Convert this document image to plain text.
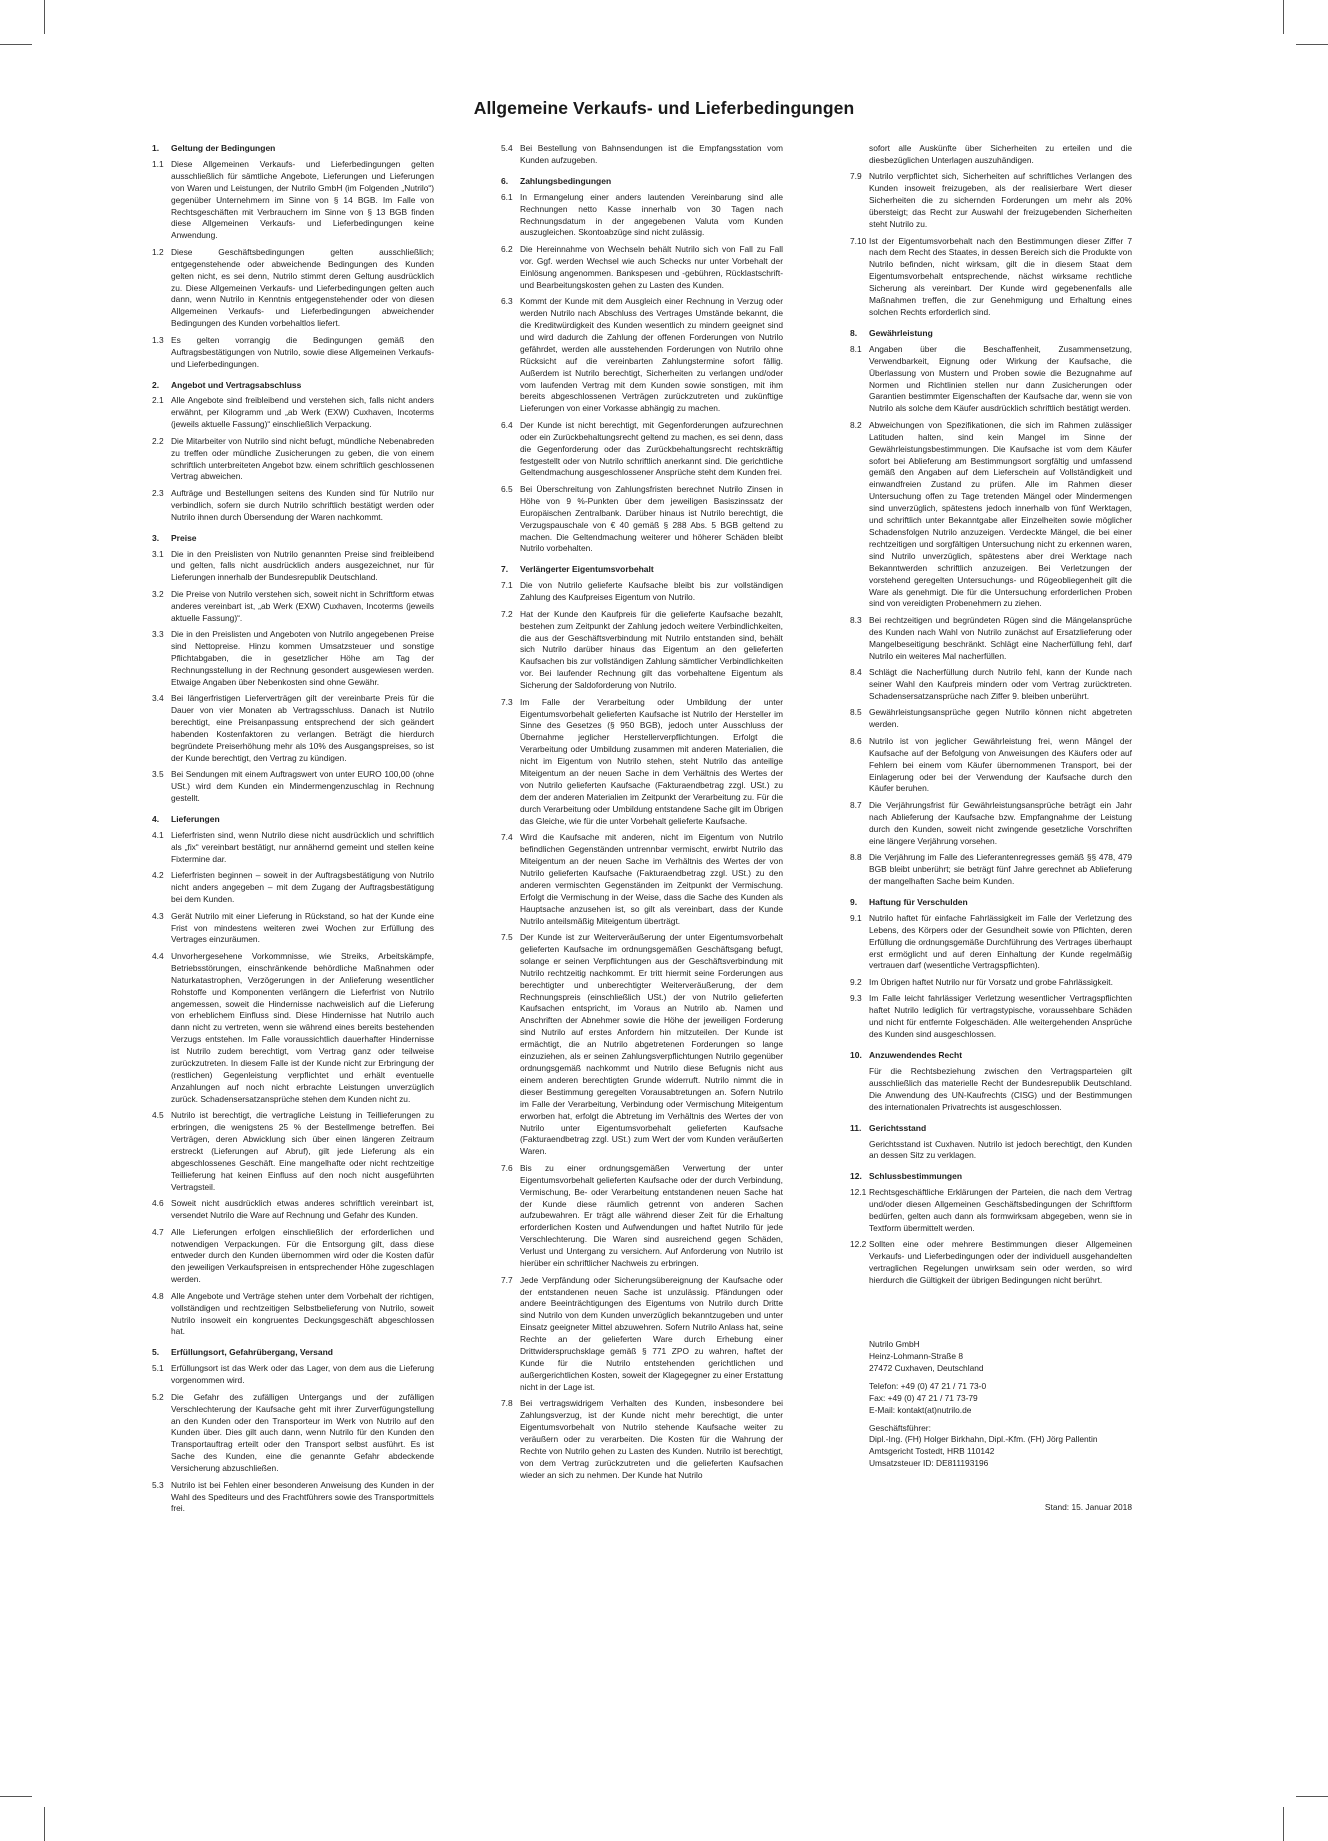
Allgemeine Verkaufs- und Lieferbedingungen
1.	Geltung der Bedingungen
1.1 Diese Allgemeinen Verkaufs- und Lieferbedingungen gelten ausschließlich für sämtliche Angebote, Lieferungen und Lieferungen von Waren und Leistungen, der Nutrilo GmbH (im Folgenden „Nutrilo“) gegenüber Unternehmern im Sinne von § 14 BGB. Im Falle von Rechtsgeschäften mit Verbrauchern im Sinne von § 13 BGB finden diese Allgemeinen Verkaufs- und Lieferbedingungen keine Anwendung.
1.2 Diese Geschäftsbedingungen gelten ausschließlich; entgegenstehende oder abweichende Bedingungen des Kunden gelten nicht, es sei denn, Nutrilo stimmt deren Geltung ausdrücklich zu. Diese Allgemeinen Verkaufs- und Lieferbedingungen gelten auch dann, wenn Nutrilo in Kenntnis entgegenstehender oder von diesen Allgemeinen Verkaufs- und Lieferbedingungen abweichender Bedingungen des Kunden vorbehaltlos liefert.
1.3 Es gelten vorrangig die Bedingungen gemäß den Auftragsbestätigungen von Nutrilo, sowie diese Allgemeinen Verkaufs- und Lieferbedingungen.
2.	Angebot und Vertragsabschluss
2.1 Alle Angebote sind freibleibend und verstehen sich, falls nicht anders erwähnt, per Kilogramm und „ab Werk (EXW) Cuxhaven, Incoterms (jeweils aktuelle Fassung)“ einschließlich Verpackung.
2.2 Die Mitarbeiter von Nutrilo sind nicht befugt, mündliche Nebenabreden zu treffen oder mündliche Zusicherungen zu geben, die von einem schriftlich unterbreiteten Angebot bzw. einem schriftlich geschlossenen Vertrag abweichen.
2.3 Aufträge und Bestellungen seitens des Kunden sind für Nutrilo nur verbindlich, sofern sie durch Nutrilo schriftlich bestätigt werden oder Nutrilo ihnen durch Übersendung der Waren nachkommt.
3.	Preise
3.1 Die in den Preislisten von Nutrilo genannten Preise sind freibleibend und gelten, falls nicht ausdrücklich anders ausgezeichnet, nur für Lieferungen innerhalb der Bundesrepublik Deutschland.
3.2 Die Preise von Nutrilo verstehen sich, soweit nicht in Schriftform etwas anderes vereinbart ist, „ab Werk (EXW) Cuxhaven, Incoterms (jeweils aktuelle Fassung)“.
3.3 Die in den Preislisten und Angeboten von Nutrilo angegebenen Preise sind Nettopreise. Hinzu kommen Umsatzsteuer und sonstige Pflichtabgaben, die in gesetzlicher Höhe am Tag der Rechnungsstellung in der Rechnung gesondert ausgewiesen werden. Etwaige Angaben über Nebenkosten sind ohne Gewähr.
3.4 Bei längerfristigen Lieferverträgen gilt der vereinbarte Preis für die Dauer von vier Monaten ab Vertragsschluss. Danach ist Nutrilo berechtigt, eine Preisanpassung entsprechend der sich geändert habenden Kostenfaktoren zu verlangen. Beträgt die hierdurch begründete Preiserhöhung mehr als 10% des Ausgangspreises, so ist der Kunde berechtigt, den Vertrag zu kündigen.
3.5 Bei Sendungen mit einem Auftragswert von unter EURO 100,00 (ohne USt.) wird dem Kunden ein Mindermengenzuschlag in Rechnung gestellt.
4.	Lieferungen
4.1 Lieferfristen sind, wenn Nutrilo diese nicht ausdrücklich und schriftlich als „fix“ vereinbart bestätigt, nur annähernd gemeint und stellen keine Fixtermine dar.
4.2 Lieferfristen beginnen – soweit in der Auftragsbestätigung von Nutrilo nicht anders angegeben – mit dem Zugang der Auftragsbestätigung bei dem Kunden.
4.3 Gerät Nutrilo mit einer Lieferung in Rückstand, so hat der Kunde eine Frist von mindestens weiteren zwei Wochen zur Erfüllung des Vertrages einzuräumen.
4.4 Unvorhergesehene Vorkommnisse, wie Streiks, Arbeitskämpfe, Betriebsstörungen, einschränkende behördliche Maßnahmen oder Naturkatastrophen, Verzögerungen in der Anlieferung wesentlicher Rohstoffe und Komponenten verlängern die Lieferfrist von Nutrilo angemessen, soweit die Hindernisse nachweislich auf die Lieferung von erheblichem Einfluss sind. Diese Hindernisse hat Nutrilo auch dann nicht zu vertreten, wenn sie während eines bereits bestehenden Verzugs entstehen. Im Falle voraussichtlich dauerhafter Hindernisse ist Nutrilo zudem berechtigt, vom Vertrag ganz oder teilweise zurückzutreten. In diesem Falle ist der Kunde nicht zur Erbringung der (restlichen) Gegenleistung verpflichtet und erhält eventuelle Anzahlungen auf noch nicht erbrachte Leistungen unverzüglich zurück. Schadensersatzansprüche stehen dem Kunden nicht zu.
4.5 Nutrilo ist berechtigt, die vertragliche Leistung in Teillieferungen zu erbringen, die wenigstens 25 % der Bestellmenge betreffen. Bei Verträgen, deren Abwicklung sich über einen längeren Zeitraum erstreckt (Lieferungen auf Abruf), gilt jede Lieferung als ein abgeschlossenes Geschäft. Eine mangelhafte oder nicht rechtzeitige Teillieferung hat keinen Einfluss auf den noch nicht ausgeführten Vertragsteil.
4.6 Soweit nicht ausdrücklich etwas anderes schriftlich vereinbart ist, versendet Nutrilo die Ware auf Rechnung und Gefahr des Kunden.
4.7 Alle Lieferungen erfolgen einschließlich der erforderlichen und notwendigen Verpackungen. Für die Entsorgung gilt, dass diese entweder durch den Kunden übernommen wird oder die Kosten dafür den jeweiligen Verkaufspreisen in entsprechender Höhe zugeschlagen werden.
4.8 Alle Angebote und Verträge stehen unter dem Vorbehalt der richtigen, vollständigen und rechtzeitigen Selbstbelieferung von Nutrilo, soweit Nutrilo insoweit ein kongruentes Deckungsgeschäft abgeschlossen hat.
5.	Erfüllungsort, Gefahrübergang, Versand
5.1 Erfüllungsort ist das Werk oder das Lager, von dem aus die Lieferung vorgenommen wird.
5.2 Die Gefahr des zufälligen Untergangs und der zufälligen Verschlechterung der Kaufsache geht mit ihrer Zurverfügungstellung an den Kunden oder den Transporteur im Werk von Nutrilo auf den Kunden über. Dies gilt auch dann, wenn Nutrilo für den Kunden den Transportauftrag erteilt oder den Transport selbst ausführt. Es ist Sache des Kunden, eine die genannte Gefahr abdeckende Versicherung abzuschließen.
5.3 Nutrilo ist bei Fehlen einer besonderen Anweisung des Kunden in der Wahl des Spediteurs und des Frachtführers sowie des Transportmittels frei.
5.4 Bei Bestellung von Bahnsendungen ist die Empfangsstation vom Kunden aufzugeben.
6.	Zahlungsbedingungen
6.1 In Ermangelung einer anders lautenden Vereinbarung sind alle Rechnungen netto Kasse innerhalb von 30 Tagen nach Rechnungsdatum in der angegebenen Valuta vom Kunden auszugleichen. Skontoabzüge sind nicht zulässig.
6.2 Die Hereinnahme von Wechseln behält Nutrilo sich von Fall zu Fall vor. Ggf. werden Wechsel wie auch Schecks nur unter Vorbehalt der Einlösung angenommen. Bankspesen und -gebühren, Rücklastschrift- und Bearbeitungskosten gehen zu Lasten des Kunden.
6.3 Kommt der Kunde mit dem Ausgleich einer Rechnung in Verzug oder werden Nutrilo nach Abschluss des Vertrages Umstände bekannt, die die Kreditwürdigkeit des Kunden wesentlich zu mindern geeignet sind und wird dadurch die Zahlung der offenen Forderungen von Nutrilo gefährdet, werden alle ausstehenden Forderungen von Nutrilo ohne Rücksicht auf die vereinbarten Zahlungstermine sofort fällig. Außerdem ist Nutrilo berechtigt, Sicherheiten zu verlangen und/oder vom laufenden Vertrag mit dem Kunden sowie sonstigen, mit ihm bereits abgeschlossenen Verträgen zurückzutreten und zukünftige Lieferungen von einer Vorkasse abhängig zu machen.
6.4 Der Kunde ist nicht berechtigt, mit Gegenforderungen aufzurechnen oder ein Zurückbehaltungsrecht geltend zu machen, es sei denn, dass die Gegenforderung oder das Zurückbehaltungsrecht rechtskräftig festgestellt oder von Nutrilo schriftlich anerkannt sind. Die gerichtliche Geltendmachung ausgeschlossener Ansprüche steht dem Kunden frei.
6.5 Bei Überschreitung von Zahlungsfristen berechnet Nutrilo Zinsen in Höhe von 9 %-Punkten über dem jeweiligen Basiszinssatz der Europäischen Zentralbank. Darüber hinaus ist Nutrilo berechtigt, die Verzugspauschale von € 40 gemäß § 288 Abs. 5 BGB geltend zu machen. Die Geltendmachung weiterer und höherer Schäden bleibt Nutrilo vorbehalten.
7.	Verlängerter Eigentumsvorbehalt
7.1 Die von Nutrilo gelieferte Kaufsache bleibt bis zur vollständigen Zahlung des Kaufpreises Eigentum von Nutrilo.
7.2 Hat der Kunde den Kaufpreis für die gelieferte Kaufsache bezahlt, bestehen zum Zeitpunkt der Zahlung jedoch weitere Verbindlichkeiten, die aus der Geschäftsverbindung mit Nutrilo entstanden sind, behält sich Nutrilo darüber hinaus das Eigentum an den gelieferten Kaufsachen bis zur vollständigen Zahlung sämtlicher Verbindlichkeiten vor. Bei laufender Rechnung gilt das vorbehaltene Eigentum als Sicherung der Saldoforderung von Nutrilo.
7.3 Im Falle der Verarbeitung oder Umbildung der unter Eigentumsvorbehalt gelieferten Kaufsache ist Nutrilo der Hersteller im Sinne des Gesetzes (§ 950 BGB), jedoch unter Ausschluss der Übernahme jeglicher Herstellerverpflichtungen. Erfolgt die Verarbeitung oder Umbildung zusammen mit anderen Materialien, die nicht im Eigentum von Nutrilo stehen, steht Nutrilo das anteilige Miteigentum an der neuen Sache in dem Verhältnis des Wertes der von Nutrilo gelieferten Kaufsache (Fakturaendbetrag zzgl. USt.) zu dem der anderen Materialien im Zeitpunkt der Verarbeitung zu. Für die durch Verarbeitung oder Umbildung entstandene Sache gilt im Übrigen das Gleiche, wie für die unter Vorbehalt gelieferte Kaufsache.
7.4 Wird die Kaufsache mit anderen, nicht im Eigentum von Nutrilo befindlichen Gegenständen untrennbar vermischt, erwirbt Nutrilo das Miteigentum an der neuen Sache im Verhältnis des Wertes der von Nutrilo gelieferten Kaufsache (Fakturaendbetrag zzgl. USt.) zu den anderen vermischten Gegenständen im Zeitpunkt der Vermischung. Erfolgt die Vermischung in der Weise, dass die Sache des Kunden als Hauptsache anzusehen ist, so gilt als vereinbart, dass der Kunde Nutrilo anteilsmäßig Miteigentum überträgt.
7.5 Der Kunde ist zur Weiterveräußerung der unter Eigentumsvorbehalt gelieferten Kaufsache im ordnungsgemäßen Geschäftsgang befugt, solange er seinen Verpflichtungen aus der Geschäftsverbindung mit Nutrilo rechtzeitig nachkommt. Er tritt hiermit seine Forderungen aus berechtigter und unberechtigter Weiterveräußerung, der dem Rechnungspreis (einschließlich USt.) der von Nutrilo gelieferten Kaufsachen entspricht, im Voraus an Nutrilo ab. Namen und Anschriften der Abnehmer sowie die Höhe der jeweiligen Forderung sind Nutrilo auf erstes Anfordern hin mitzuteilen. Der Kunde ist ermächtigt, die an Nutrilo abgetretenen Forderungen so lange einzuziehen, als er seinen Zahlungsverpflichtungen Nutrilo gegenüber ordnungsgemäß nachkommt und Nutrilo diese Befugnis nicht aus einem anderen berechtigten Grunde widerruft. Nutrilo nimmt die in dieser Bestimmung geregelten Vorausabtretungen an. Sofern Nutrilo im Falle der Verarbeitung, Verbindung oder Vermischung Miteigentum erworben hat, erfolgt die Abtretung im Verhältnis des Wertes der von Nutrilo unter Eigentumsvorbehalt gelieferten Kaufsache (Fakturaendbetrag zzgl. USt.) zum Wert der vom Kunden veräußerten Waren.
7.6 Bis zu einer ordnungsgemäßen Verwertung der unter Eigentumsvorbehalt gelieferten Kaufsache oder der durch Verbindung, Vermischung, Be- oder Verarbeitung entstandenen neuen Sache hat der Kunde diese räumlich getrennt von anderen Sachen aufzubewahren. Er trägt alle während dieser Zeit für die Erhaltung erforderlichen Kosten und Aufwendungen und haftet Nutrilo für jede Verschlechterung. Die Waren sind ausreichend gegen Schäden, Verlust und Untergang zu versichern. Auf Anforderung von Nutrilo ist hierüber ein schriftlicher Nachweis zu erbringen.
7.7 Jede Verpfändung oder Sicherungsübereignung der Kaufsache oder der entstandenen neuen Sache ist unzulässig. Pfändungen oder andere Beeinträchtigungen des Eigentums von Nutrilo durch Dritte sind Nutrilo von dem Kunden unverzüglich bekanntzugeben und unter Einsatz geeigneter Mittel abzuwehren. Sofern Nutrilo Anlass hat, seine Rechte an der gelieferten Ware durch Erhebung einer Drittwiderspruchsklage gemäß § 771 ZPO zu wahren, haftet der Kunde für die Nutrilo entstehenden gerichtlichen und außergerichtlichen Kosten, soweit der Klagegegner zu einer Erstattung nicht in der Lage ist.
7.8 Bei vertragswidrigem Verhalten des Kunden, insbesondere bei Zahlungsverzug, ist der Kunde nicht mehr berechtigt, die unter Eigentumsvorbehalt von Nutrilo stehende Kaufsache weiter zu veräußern oder zu verarbeiten. Die Kosten für die Wahrung der Rechte von Nutrilo gehen zu Lasten des Kunden. Nutrilo ist berechtigt, von dem Vertrag zurückzutreten und die gelieferten Kaufsachen wieder an sich zu nehmen. Der Kunde hat Nutrilo
sofort alle Auskünfte über Sicherheiten zu erteilen und die diesbezüglichen Unterlagen auszuhändigen.
7.9 Nutrilo verpflichtet sich, Sicherheiten auf schriftliches Verlangen des Kunden insoweit freizugeben, als der realisierbare Wert dieser Sicherheiten die zu sichernden Forderungen um mehr als 20% übersteigt; das Recht zur Auswahl der freizugebenden Sicherheiten steht Nutrilo zu.
7.10 Ist der Eigentumsvorbehalt nach den Bestimmungen dieser Ziffer 7 nach dem Recht des Staates, in dessen Bereich sich die Produkte von Nutrilo befinden, nicht wirksam, gilt die in diesem Staat dem Eigentumsvorbehalt entsprechende, nächst wirksame rechtliche Sicherung als vereinbart. Der Kunde wird gegebenenfalls alle Maßnahmen treffen, die zur Genehmigung und Erhaltung eines solchen Rechts erforderlich sind.
8.	Gewährleistung
8.1 Angaben über die Beschaffenheit, Zusammensetzung, Verwendbarkeit, Eignung oder Wirkung der Kaufsache, die Überlassung von Mustern und Proben sowie die Bezugnahme auf Normen und Richtlinien stellen nur dann Zusicherungen oder Garantien bestimmter Eigenschaften der Kaufsache dar, wenn sie von Nutrilo als solche dem Käufer ausdrücklich schriftlich bestätigt werden.
8.2 Abweichungen von Spezifikationen, die sich im Rahmen zulässiger Latituden halten, sind kein Mangel im Sinne der Gewährleistungsbestimmungen. Die Kaufsache ist vom dem Käufer sofort bei Ablieferung am Bestimmungsort sorgfältig und umfassend gemäß den Angaben auf dem Lieferschein auf Vollständigkeit und einwandfreien Zustand zu prüfen. Alle im Rahmen dieser Untersuchung offen zu Tage tretenden Mängel oder Mindermengen sind unverzüglich, spätestens jedoch innerhalb von fünf Werktagen, und schriftlich unter Bekanntgabe aller Einzelheiten sowie möglicher Schadensfolgen Nutrilo anzuzeigen. Verdeckte Mängel, die bei einer rechtzeitigen und sorgfältigen Untersuchung nicht zu erkennen waren, sind Nutrilo unverzüglich, spätestens aber drei Werktage nach Bekanntwerden schriftlich anzuzeigen. Bei Verletzungen der vorstehend geregelten Untersuchungs- und Rügeobliegenheit gilt die Ware als genehmigt. Die für die Untersuchung erforderlichen Proben sind von vereidigten Probenehmern zu ziehen.
8.3 Bei rechtzeitigen und begründeten Rügen sind die Mängelansprüche des Kunden nach Wahl von Nutrilo zunächst auf Ersatzlieferung oder Mangelbeseitigung beschränkt. Schlägt eine Nacherfüllung fehl, darf Nutrilo ein weiteres Mal nacherfüllen.
8.4 Schlägt die Nacherfüllung durch Nutrilo fehl, kann der Kunde nach seiner Wahl den Kaufpreis mindern oder vom Vertrag zurücktreten. Schadensersatzansprüche nach Ziffer 9. bleiben unberührt.
8.5 Gewährleistungsansprüche gegen Nutrilo können nicht abgetreten werden.
8.6 Nutrilo ist von jeglicher Gewährleistung frei, wenn Mängel der Kaufsache auf der Befolgung von Anweisungen des Käufers oder auf Fehlern bei einem vom Käufer übernommenen Transport, bei der Einlagerung oder bei der Verwendung der Kaufsache durch den Käufer beruhen.
8.7 Die Verjährungsfrist für Gewährleistungsansprüche beträgt ein Jahr nach Ablieferung der Kaufsache bzw. Empfangnahme der Leistung durch den Kunden, soweit nicht zwingende gesetzliche Vorschriften eine längere Verjährung vorsehen.
8.8 Die Verjährung im Falle des Lieferantenregresses gemäß §§ 478, 479 BGB bleibt unberührt; sie beträgt fünf Jahre gerechnet ab Ablieferung der mangelhaften Sache beim Kunden.
9.	Haftung für Verschulden
9.1 Nutrilo haftet für einfache Fahrlässigkeit im Falle der Verletzung des Lebens, des Körpers oder der Gesundheit sowie von Pflichten, deren Erfüllung die ordnungsgemäße Durchführung des Vertrages überhaupt erst ermöglicht und auf deren Einhaltung der Kunde regelmäßig vertrauen darf (wesentliche Vertragspflichten).
9.2 Im Übrigen haftet Nutrilo nur für Vorsatz und grobe Fahrlässigkeit.
9.3 Im Falle leicht fahrlässiger Verletzung wesentlicher Vertragspflichten haftet Nutrilo lediglich für vertragstypische, voraussehbare Schäden und nicht für entfernte Folgeschäden. Alle weitergehenden Ansprüche des Kunden sind ausgeschlossen.
10. Anzuwendendes Recht
Für die Rechtsbeziehung zwischen den Vertragsparteien gilt ausschließlich das materielle Recht der Bundesrepublik Deutschland. Die Anwendung des UN-Kaufrechts (CISG) und der Bestimmungen des internationalen Privatrechts ist ausgeschlossen.
11. Gerichtsstand
Gerichtsstand ist Cuxhaven. Nutrilo ist jedoch berechtigt, den Kunden an dessen Sitz zu verklagen.
12. Schlussbestimmungen
12.1 Rechtsgeschäftliche Erklärungen der Parteien, die nach dem Vertrag und/oder diesen Allgemeinen Geschäftsbedingungen der Schriftform bedürfen, gelten auch dann als formwirksam abgegeben, wenn sie in Textform übermittelt werden.
12.2 Sollten eine oder mehrere Bestimmungen dieser Allgemeinen Verkaufs- und Lieferbedingungen oder der individuell ausgehandelten vertraglichen Regelungen unwirksam sein oder werden, so wird hierdurch die Gültigkeit der übrigen Bedingungen nicht berührt.
Nutrilo GmbH
Heinz-Lohmann-Straße 8
27472 Cuxhaven, Deutschland
Telefon: +49 (0) 47 21 / 71 73-0
Fax: +49 (0) 47 21 / 71 73-79
E-Mail: kontakt(at)nutrilo.de
Geschäftsführer:
Dipl.-Ing. (FH) Holger Birkhahn, Dipl.-Kfm. (FH) Jörg Pallentin
Amtsgericht Tostedt, HRB 110142
Umsatzsteuer ID: DE811193196
Stand: 15. Januar 2018
